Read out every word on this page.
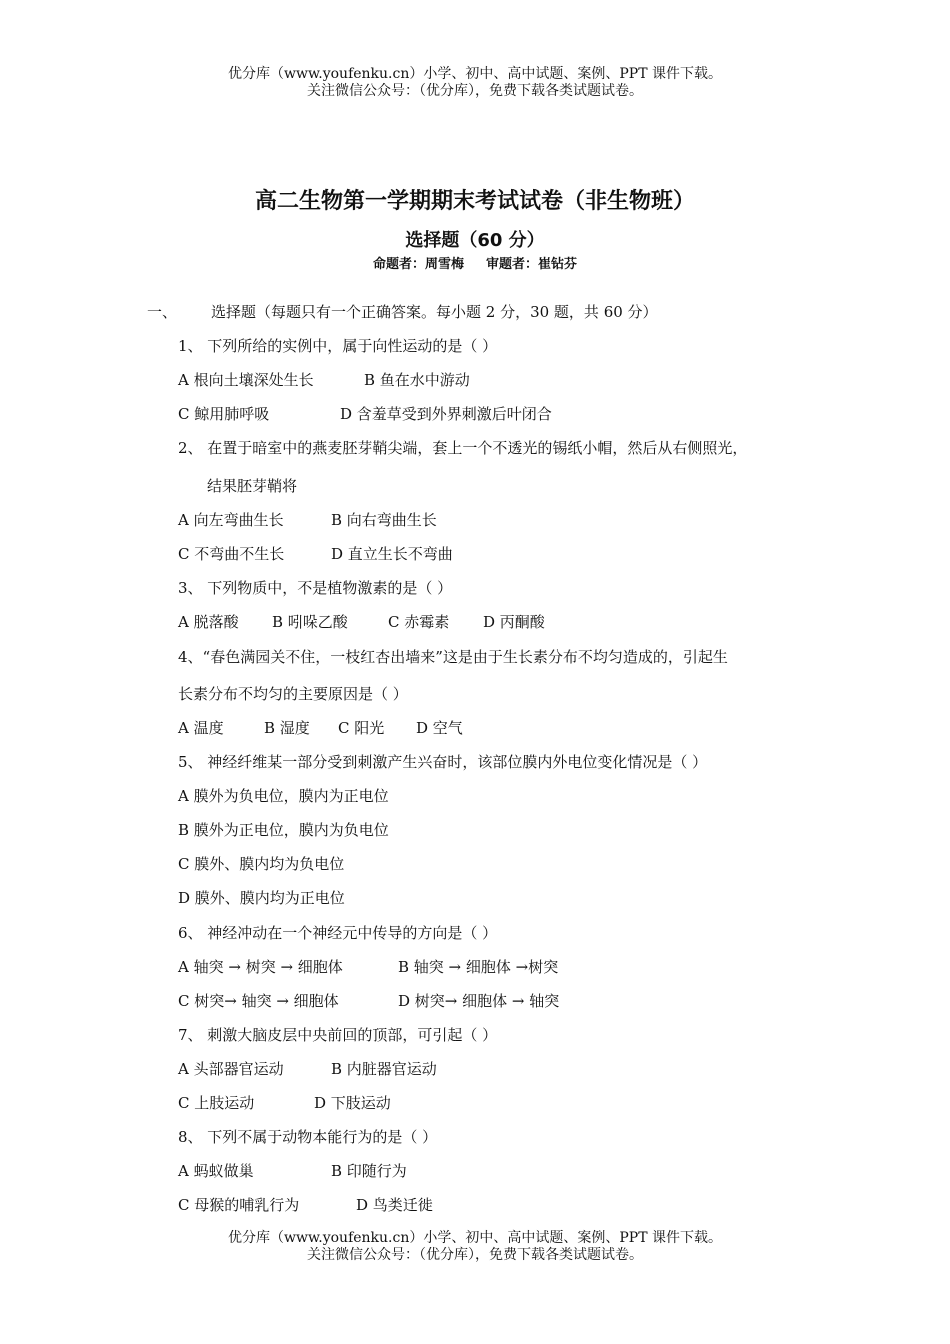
优分库（www.youfenku.cn）小学、初中、高中试题、案例、PPT 课件下载。
关注微信公众号：（优分库），免费下载各类试题试卷。
高二生物第一学期期末考试试卷（非生物班）
选择题（60 分）
命题者：周雪梅 审题者：崔钻芬
一、 选择题（每题只有一个正确答案。每小题 2 分，30 题，共 60 分）
1、 下列所给的实例中，属于向性运动的是（ ）
A 根向土壤深处生长	B 鱼在水中游动
C 鲸用肺呼吸	D 含羞草受到外界刺激后叶闭合
2、 在置于暗室中的燕麦胚芽鞘尖端，套上一个不透光的锡纸小帽，然后从右侧照光，
结果胚芽鞘将
A 向左弯曲生长	B 向右弯曲生长
C 不弯曲不生长	D 直立生长不弯曲
3、 下列物质中，不是植物激素的是（ ）
A 脱落酸 B 吲哚乙酸	C 赤霉素 D 丙酮酸
4、“春色满园关不住，一枝红杏出墙来”这是由于生长素分布不均匀造成的，引起生
长素分布不均匀的主要原因是（ ）
A 温度	B 湿度 C 阳光 D 空气
5、 神经纤维某一部分受到刺激产生兴奋时，该部位膜内外电位变化情况是（ ）
A 膜外为负电位，膜内为正电位
B 膜外为正电位，膜内为负电位
C 膜外、膜内均为负电位
D 膜外、膜内均为正电位
6、 神经冲动在一个神经元中传导的方向是（ ）
A 轴突 → 树突 → 细胞体	B 轴突 → 细胞体 →树突
C 树突→ 轴突 → 细胞体	D 树突→ 细胞体 → 轴突
7、 刺激大脑皮层中央前回的顶部，可引起（ ）
A 头部器官运动	B 内脏器官运动
C 上肢运动	D 下肢运动
8、 下列不属于动物本能行为的是（ ）
A 蚂蚁做巢	B 印随行为
C 母猴的哺乳行为	D 鸟类迁徙
优分库（www.youfenku.cn）小学、初中、高中试题、案例、PPT 课件下载。
关注微信公众号：（优分库），免费下载各类试题试卷。
